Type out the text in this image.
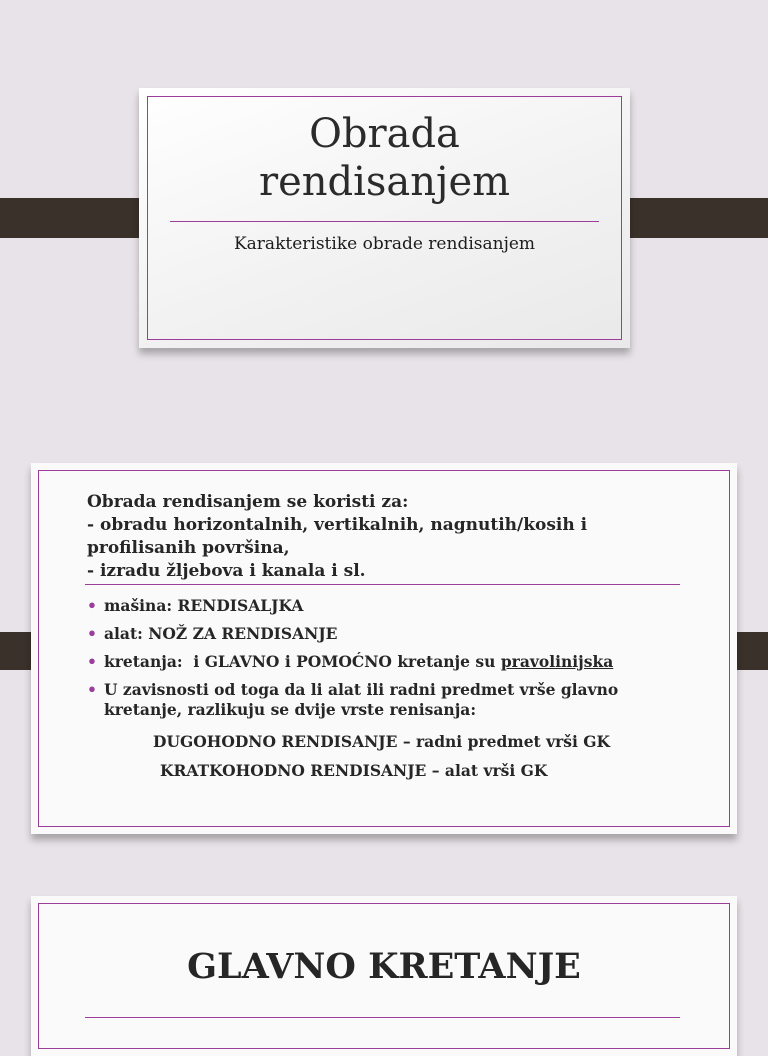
Obrada
rendisanjem
Karakteristike obrade rendisanjem
Obrada rendisanjem se koristi za:
- obradu horizontalnih, vertikalnih, nagnutih/kosih i profilisanih površina,
- izradu žljebova i kanala i sl.
• mašina: RENDISALJKA
• alat: NOŽ ZA RENDISANJE
• kretanja:  i GLAVNO i POMOĆNO kretanje su pravolinijska
• U zavisnosti od toga da li alat ili radni predmet vrše glavno kretanje, razlikuju se dvije vrste renisanja:
DUGOHODNO RENDISANJE – radni predmet vrši GK
KRATKOHODNO RENDISANJE – alat vrši GK
GLAVNO KRETANJE
